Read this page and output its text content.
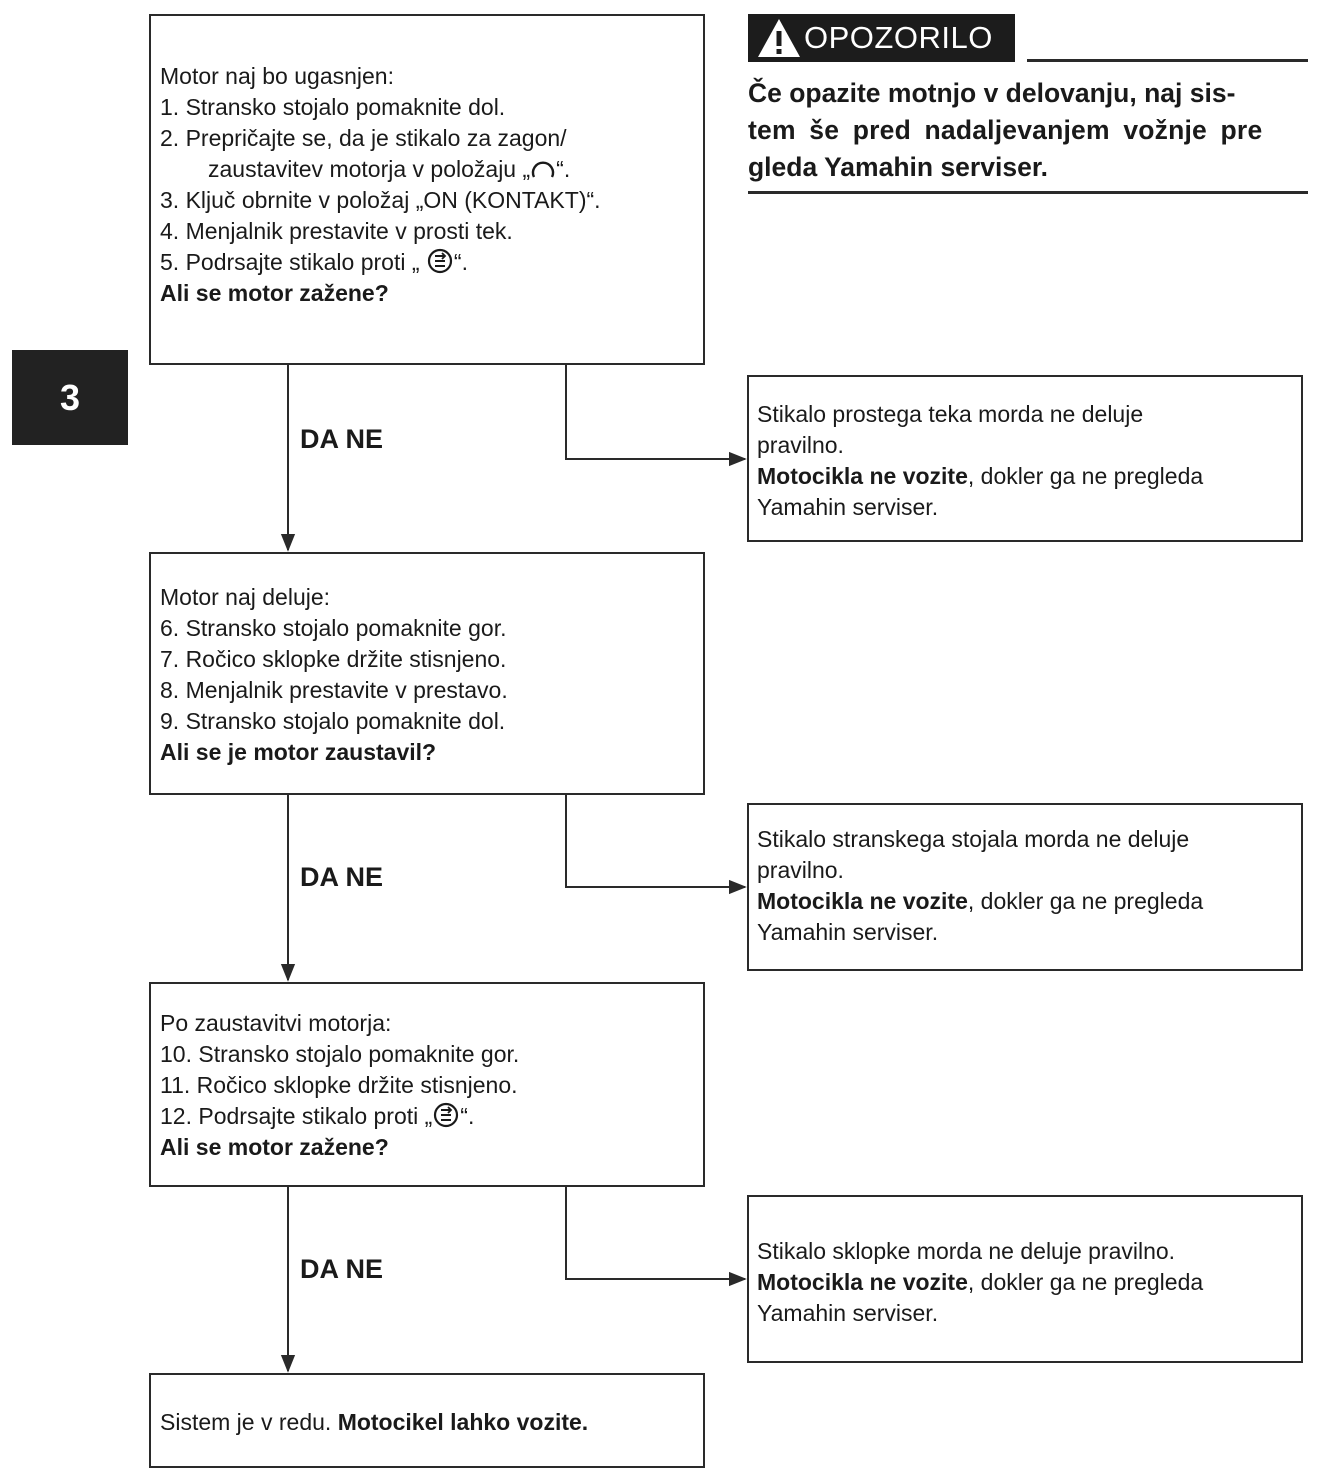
3
OPOZORILO
Če opazite motnjo v delovanju, naj sis-
tem še pred nadaljevanjem vožnje pre
gleda Yamahin serviser.
Motor naj bo ugasnjen:
1. Stransko stojalo pomaknite dol.
2. Prepričajte se, da je stikalo za zagon/
zaustavitev motorja v položaju „ “.
3. Ključ obrnite v položaj „ON (KONTAKT)“.
4. Menjalnik prestavite v prosti tek.
5. Podrsajte stikalo proti „ “.
Ali se motor zažene?
DA NE
Stikalo prostega teka morda ne deluje
pravilno.
Motocikla ne vozite, dokler ga ne pregleda
Yamahin serviser.
Motor naj deluje:
6. Stransko stojalo pomaknite gor.
7. Ročico sklopke držite stisnjeno.
8. Menjalnik prestavite v prestavo.
9. Stransko stojalo pomaknite dol.
Ali se je motor zaustavil?
DA NE
Stikalo stranskega stojala morda ne deluje
pravilno.
Motocikla ne vozite, dokler ga ne pregleda
Yamahin serviser.
Po zaustavitvi motorja:
10. Stransko stojalo pomaknite gor.
11. Ročico sklopke držite stisnjeno.
12. Podrsajte stikalo proti „ “.
Ali se motor zažene?
DA NE
Stikalo sklopke morda ne deluje pravilno.
Motocikla ne vozite, dokler ga ne pregleda
Yamahin serviser.
Sistem je v redu. Motocikel lahko vozite.
